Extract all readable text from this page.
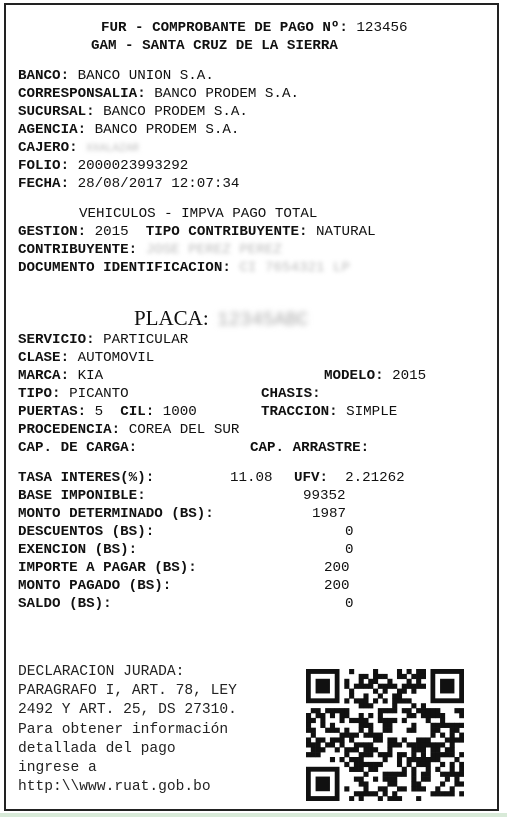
FUR - COMPROBANTE DE PAGO Nº: 123456
GAM - SANTA CRUZ DE LA SIERRA
BANCO: BANCO UNION S.A.
CORRESPONSALIA: BANCO PRODEM S.A.
SUCURSAL: BANCO PRODEM S.A.
AGENCIA: BANCO PRODEM S.A.
CAJERO: XXALAZAR
FOLIO: 2000023993292
FECHA: 28/08/2017 12:07:34
VEHICULOS - IMPVA PAGO TOTAL
GESTION: 2015 TIPO CONTRIBUYENTE: NATURAL
CONTRIBUYENTE: JOSE PEREZ PEREZ
DOCUMENTO IDENTIFICACION: CI 7654321 LP
PLACA: 12345ABC
SERVICIO: PARTICULAR
CLASE: AUTOMOVIL
MARCA: KIA	MODELO: 2015
TIPO: PICANTO	CHASIS:
PUERTAS: 5 CIL: 1000	TRACCION: SIMPLE
PROCEDENCIA: COREA DEL SUR
CAP. DE CARGA:	CAP. ARRASTRE:
TASA INTERES(%):	11.08 UFV: 2.21262
BASE IMPONIBLE:	99352
MONTO DETERMINADO (BS):	1987
DESCUENTOS (BS):	0
EXENCION (BS):	0
IMPORTE A PAGAR (BS):	200
MONTO PAGADO (BS):	200
SALDO (BS):	0
DECLARACION JURADA:
PARAGRAFO I, ART. 78, LEY
2492 Y ART. 25, DS 27310.
Para obtener información
detallada del pago
ingrese a
http:\\www.ruat.gob.bo
